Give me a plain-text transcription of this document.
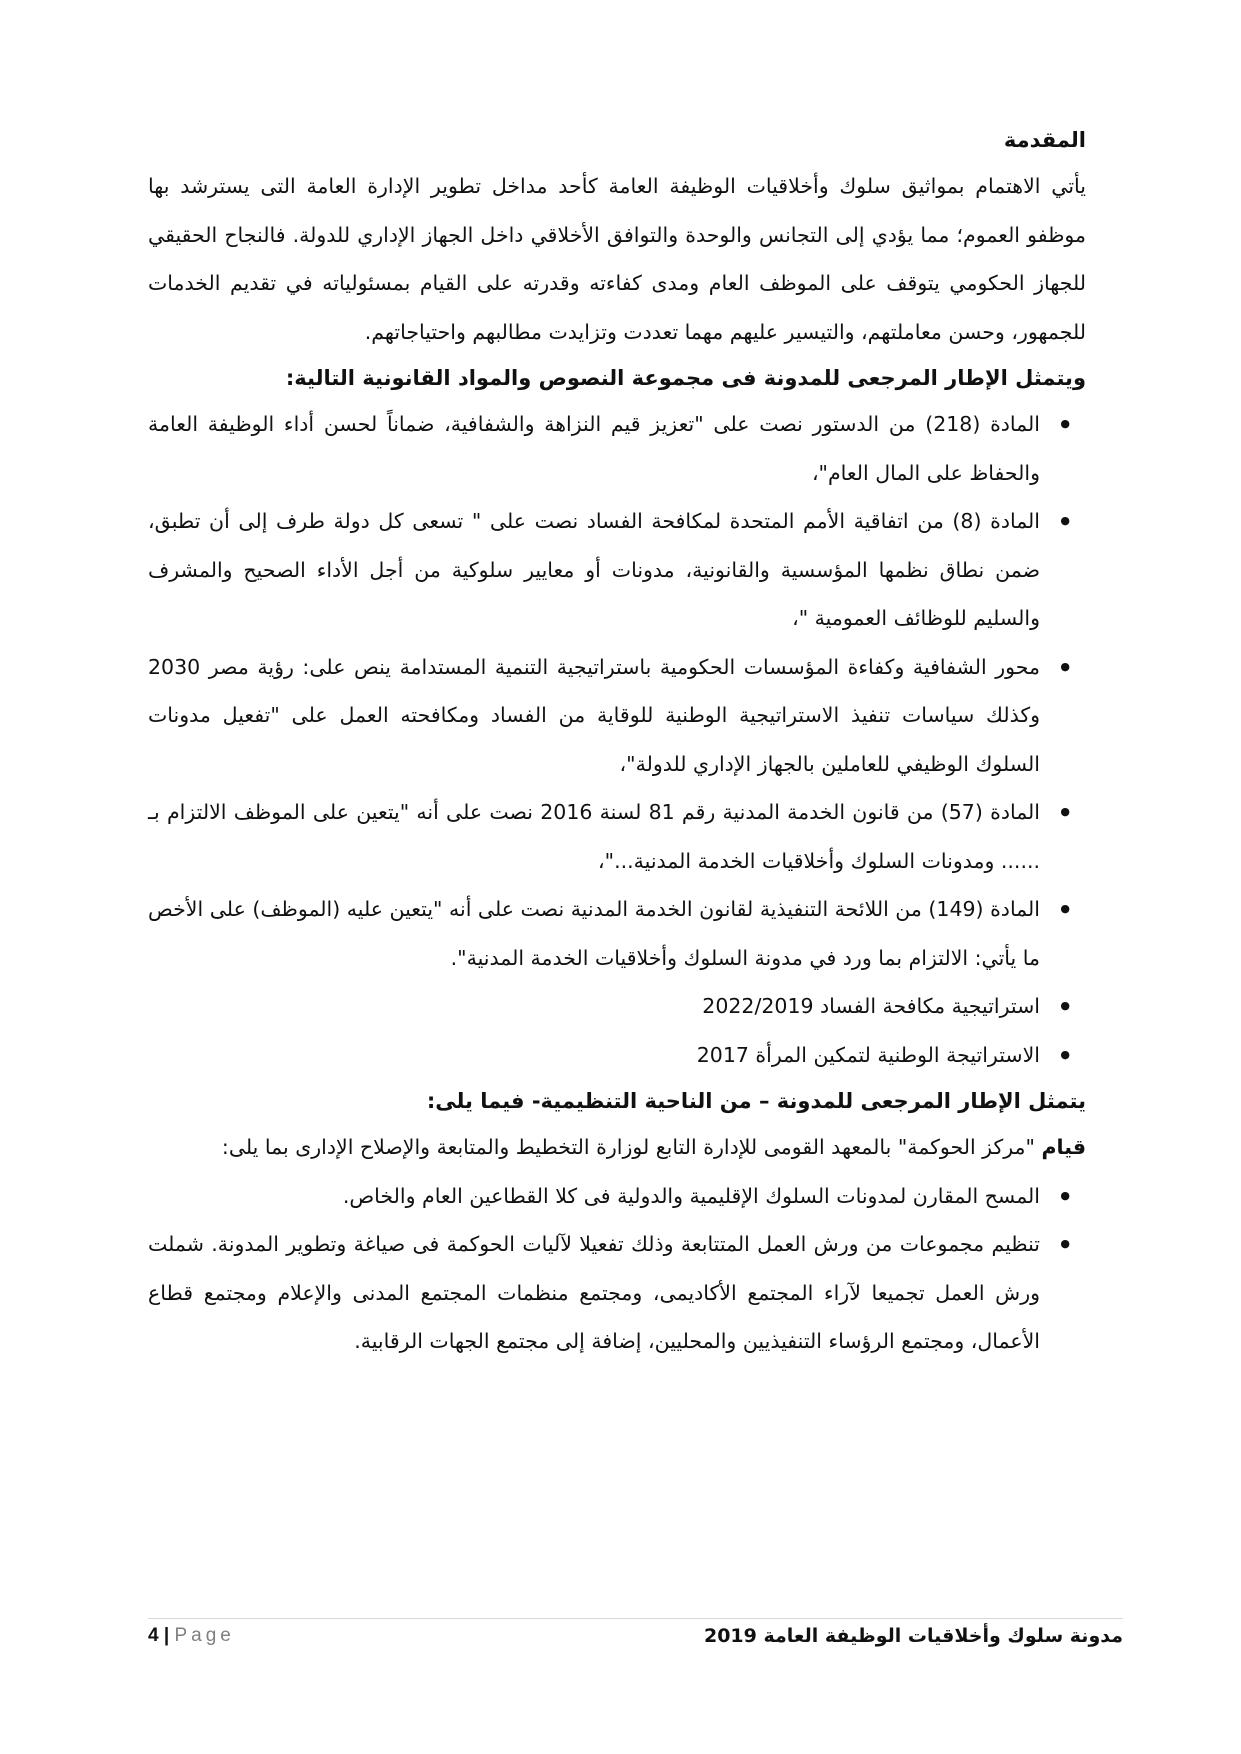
المقدمة

يأتي الاهتمام بمواثيق سلوك وأخلاقيات الوظيفة العامة كأحد مداخل تطوير الإدارة العامة التى يسترشد بها موظفو العموم؛ مما يؤدي إلى التجانس والوحدة والتوافق الأخلاقي داخل الجهاز الإداري للدولة. فالنجاح الحقيقي للجهاز الحكومي يتوقف على الموظف العام ومدى كفاءته وقدرته على القيام بمسئولياته في تقديم الخدمات للجمهور، وحسن معاملتهم، والتيسير عليهم مهما تعددت وتزايدت مطالبهم واحتياجاتهم.

ويتمثل الإطار المرجعى للمدونة فى مجموعة النصوص والمواد القانونية التالية:
● المادة (218) من الدستور نصت على "تعزيز قيم النزاهة والشفافية، ضماناً لحسن أداء الوظيفة العامة والحفاظ على المال العام"،
● المادة (8) من اتفاقية الأمم المتحدة لمكافحة الفساد نصت على " تسعى كل دولة طرف إلى أن تطبق، ضمن نطاق نظمها المؤسسية والقانونية، مدونات أو معايير سلوكية من أجل الأداء الصحيح والمشرف والسليم للوظائف العمومية "،
● محور الشفافية وكفاءة المؤسسات الحكومية باستراتيجية التنمية المستدامة ينص على: رؤية مصر 2030 وكذلك سياسات تنفيذ الاستراتيجية الوطنية للوقاية من الفساد ومكافحته العمل على "تفعيل مدونات السلوك الوظيفي للعاملين بالجهاز الإداري للدولة"،
● المادة (57) من قانون الخدمة المدنية رقم 81 لسنة 2016 نصت على أنه "يتعين على الموظف الالتزام بـ ...... ومدونات السلوك وأخلاقيات الخدمة المدنية..."،
● المادة (149) من اللائحة التنفيذية لقانون الخدمة المدنية نصت على أنه "يتعين عليه (الموظف) على الأخص ما يأتي: الالتزام بما ورد في مدونة السلوك وأخلاقيات الخدمة المدنية".
● استراتيجية مكافحة الفساد 2022/2019
● الاستراتيجة الوطنية لتمكين المرأة 2017
يتمثل الإطار المرجعى للمدونة – من الناحية التنظيمية- فيما يلى:

قيام "مركز الحوكمة" بالمعهد القومى للإدارة التابع لوزارة التخطيط والمتابعة والإصلاح الإدارى بما يلى:

● المسح المقارن لمدونات السلوك الإقليمية والدولية فى كلا القطاعين العام والخاص.
● تنظيم مجموعات من ورش العمل المتتابعة وذلك تفعيلا لآليات الحوكمة فى صياغة وتطوير المدونة. شملت ورش العمل تجميعا لآراء المجتمع الأكاديمى، ومجتمع منظمات المجتمع المدنى والإعلام ومجتمع قطاع الأعمال، ومجتمع الرؤساء التنفيذيين والمحليين، إضافة إلى مجتمع الجهات الرقابية.
4 | Page	مدونة سلوك وأخلاقيات الوظيفة العامة 2019
